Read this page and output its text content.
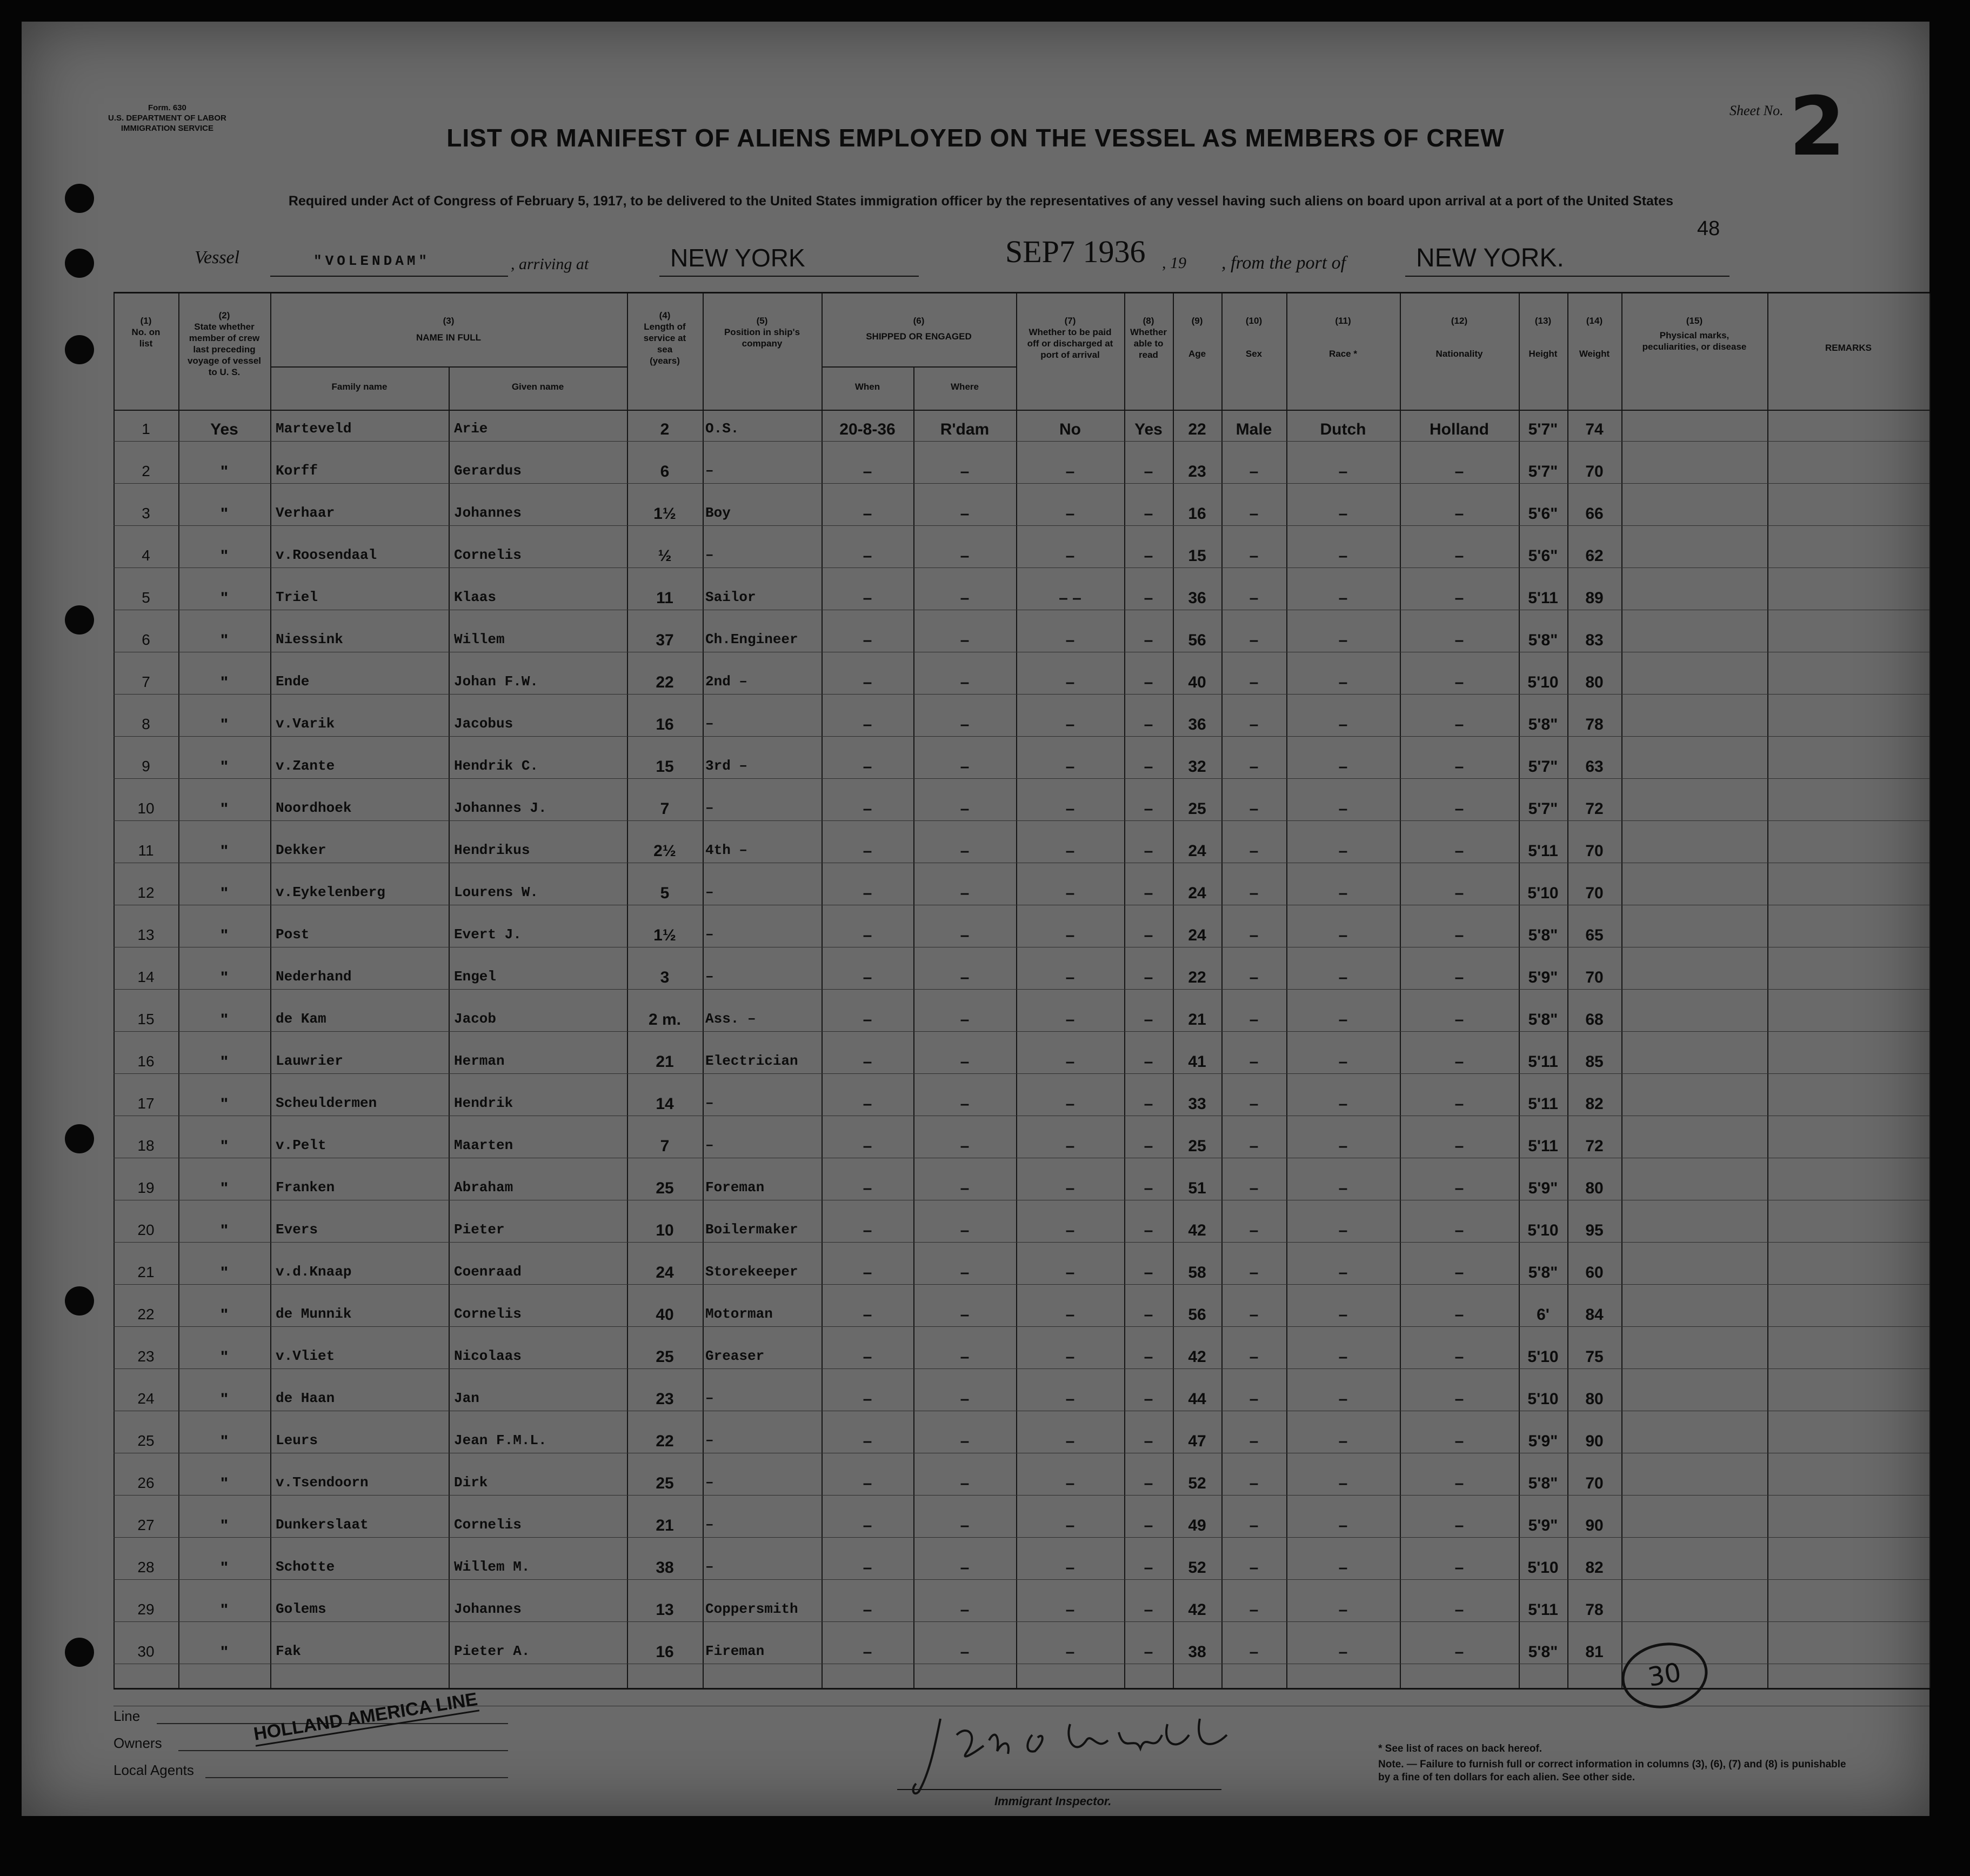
Form. 630
U.S. DEPARTMENT OF LABOR
IMMIGRATION SERVICE	LIST OR MANIFEST OF ALIENS EMPLOYED ON THE VESSEL AS MEMBERS OF CREW
Sheet No. 2
Required under Act of Congress of February 5, 1917, to be delivered to the United States immigration officer by the representatives of any vessel having such aliens on board upon arrival at a port of the United States
48
Vessel	"VOLENDAM"	, arriving at	NEW YORK	SEP7 1936 , 19 , from the port of	NEW YORK.
(1)
No. on list
(2)
State whether member of crew last preceding voyage of vessel to U. S.
(3)
NAME IN FULL
Family name	Given name
(4)
Length of service at sea (years)
(5)
Position in ship's company
(6)
SHIPPED OR ENGAGED
When	Where
(7)
Whether to be paid off or discharged at port of arrival
(8)
Whether able to read
(9)
Age
(10)
Sex
(11)
Race *
(12)
Nationality
(13)
Height
(14)
Weight
(15)
Physical marks, peculiarities, or disease	REMARKS
1	Yes	Marteveld	Arie	2	O.S.	20-8-36	R'dam	No	Yes	22	Male	Dutch	Holland	5'7"	74
2	"	Korff	Gerardus	6	–	–	–	–	–	23	–	–	–	5'7"	70
3	"	Verhaar	Johannes	1½	Boy	–	–	–	–	16	–	–	–	5'6"	66
4	"	v.Roosendaal	Cornelis	½	–	–	–	–	–	15	–	–	–	5'6"	62
5	"	Triel	Klaas	11	Sailor	–	–	– –	–	36	–	–	–	5'11	89
6	"	Niessink	Willem	37	Ch.Engineer	–	–	–	–	56	–	–	–	5'8"	83
7	"	Ende	Johan F.W.	22	2nd –	–	–	–	–	40	–	–	–	5'10	80
8	"	v.Varik	Jacobus	16	–	–	–	–	–	36	–	–	–	5'8"	78
9	"	v.Zante	Hendrik C.	15	3rd –	–	–	–	–	32	–	–	–	5'7"	63
10	"	Noordhoek	Johannes J.	7	–	–	–	–	–	25	–	–	–	5'7"	72
11	"	Dekker	Hendrikus	2½	4th –	–	–	–	–	24	–	–	–	5'11	70
12	"	v.Eykelenberg	Lourens W.	5	–	–	–	–	–	24	–	–	–	5'10	70
13	"	Post	Evert J.	1½	–	–	–	–	–	24	–	–	–	5'8"	65
14	"	Nederhand	Engel	3	–	–	–	–	–	22	–	–	–	5'9"	70
15	"	de Kam	Jacob	2 m.	Ass. –	–	–	–	–	21	–	–	–	5'8"	68
16	"	Lauwrier	Herman	21	Electrician	–	–	–	–	41	–	–	–	5'11	85
17	"	Scheuldermen	Hendrik	14	–	–	–	–	–	33	–	–	–	5'11	82
18	"	v.Pelt	Maarten	7	–	–	–	–	–	25	–	–	–	5'11	72
19	"	Franken	Abraham	25	Foreman	–	–	–	–	51	–	–	–	5'9"	80
20	"	Evers	Pieter	10	Boilermaker	–	–	–	–	42	–	–	–	5'10	95
21	"	v.d.Knaap	Coenraad	24	Storekeeper	–	–	–	–	58	–	–	–	5'8"	60
22	"	de Munnik	Cornelis	40	Motorman	–	–	–	–	56	–	–	–	6'	84
23	"	v.Vliet	Nicolaas	25	Greaser	–	–	–	–	42	–	–	–	5'10	75
24	"	de Haan	Jan	23	–	–	–	–	–	44	–	–	–	5'10	80
25	"	Leurs	Jean F.M.L.	22	–	–	–	–	–	47	–	–	–	5'9"	90
26	"	v.Tsendoorn	Dirk	25	–	–	–	–	–	52	–	–	–	5'8"	70
27	"	Dunkerslaat	Cornelis	21	–	–	–	–	–	49	–	–	–	5'9"	90
28	"	Schotte	Willem M.	38	–	–	–	–	–	52	–	–	–	5'10	82
29	"	Golems	Johannes	13	Coppersmith	–	–	–	–	42	–	–	–	5'11	78
30	"	Fak	Pieter A.	16	Fireman	–	–	–	–	38	–	–	–	5'8"	81
Line
Owners	HOLLAND AMERICA LINE
Local Agents
Immigrant Inspector.
* See list of races on back hereof.
Note. — Failure to furnish full or correct information in columns (3), (6), (7) and (8) is punishable by a fine of ten dollars for each alien. See other side.
30
